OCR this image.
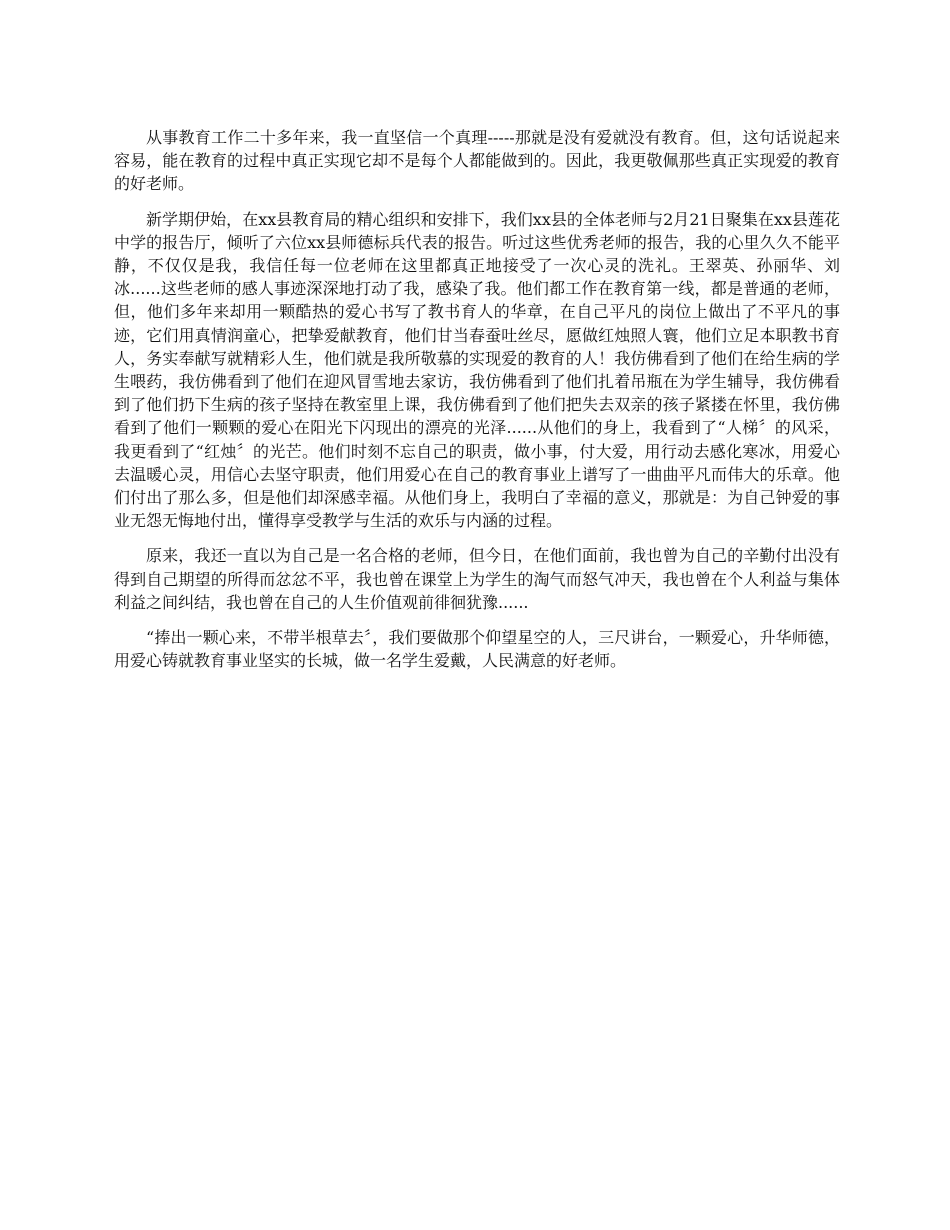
从事教育工作二十多年来，我一直坚信一个真理-----那就是没有爱就没有教育。但，这句话说起来容易，能在教育的过程中真正实现它却不是每个人都能做到的。因此，我更敬佩那些真正实现爱的教育的好老师。

新学期伊始，在xx县教育局的精心组织和安排下，我们xx县的全体老师与2月21日聚集在xx县莲花中学的报告厅，倾听了六位xx县师德标兵代表的报告。听过这些优秀老师的报告，我的心里久久不能平静，不仅仅是我，我信任每一位老师在这里都真正地接受了一次心灵的洗礼。王翠英、孙丽华、刘冰......这些老师的感人事迹深深地打动了我，感染了我。他们都工作在教育第一线，都是普通的老师，但，他们多年来却用一颗酷热的爱心书写了教书育人的华章，在自己平凡的岗位上做出了不平凡的事迹，它们用真情润童心，把挚爱献教育，他们甘当春蚕吐丝尽，愿做红烛照人寰，他们立足本职教书育人，务实奉献写就精彩人生，他们就是我所敬慕的实现爱的教育的人！我仿佛看到了他们在给生病的学生喂药，我仿佛看到了他们在迎风冒雪地去家访，我仿佛看到了他们扎着吊瓶在为学生辅导，我仿佛看到了他们扔下生病的孩子坚持在教室里上课，我仿佛看到了他们把失去双亲的孩子紧搂在怀里，我仿佛看到了他们一颗颗的爱心在阳光下闪现出的漂亮的光泽......从他们的身上，我看到了“人梯〞的风采，我更看到了“红烛〞的光芒。他们时刻不忘自己的职责，做小事，付大爱，用行动去感化寒冰，用爱心去温暖心灵，用信心去坚守职责，他们用爱心在自己的教育事业上谱写了一曲曲平凡而伟大的乐章。他们付出了那么多，但是他们却深感幸福。从他们身上，我明白了幸福的意义，那就是：为自己钟爱的事业无怨无悔地付出，懂得享受教学与生活的欢乐与内涵的过程。

原来，我还一直以为自己是一名合格的老师，但今日，在他们面前，我也曾为自己的辛勤付出没有得到自己期望的所得而忿忿不平，我也曾在课堂上为学生的淘气而怒气冲天，我也曾在个人利益与集体利益之间纠结，我也曾在自己的人生价值观前徘徊犹豫......

“捧出一颗心来，不带半根草去〞，我们要做那个仰望星空的人，三尺讲台，一颗爱心，升华师德，用爱心铸就教育事业坚实的长城，做一名学生爱戴，人民满意的好老师。
